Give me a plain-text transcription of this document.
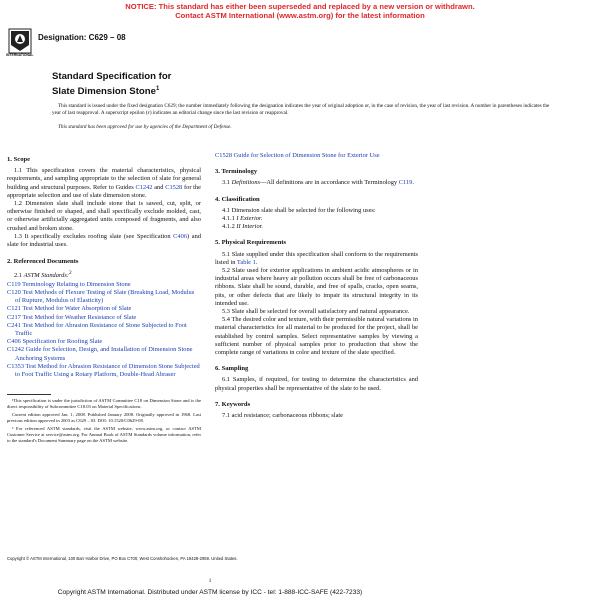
NOTICE: This standard has either been superseded and replaced by a new version or withdrawn.
Contact ASTM International (www.astm.org) for the latest information
INTERNATIONAL
Designation: C629 – 08
Standard Specification for
Slate Dimension Stone$^1$

This standard is issued under the fixed designation C629; the number immediately following the designation indicates the year of original adoption or, in the case of revision, the year of last revision. A number in parentheses indicates the year of last reapproval. A superscript epsilon (ε) indicates an editorial change since the last revision or reapproval.

This standard has been approved for use by agencies of the Department of Defense.

1. Scope

1.1 This specification covers the material characteristics, physical requirements, and sampling appropriate to the selection of slate for general building and structural purposes. Refer to Guides C1242 and C1528 for the appropriate selection and use of slate dimension stone.

1.2 Dimension slate shall include stone that is sawed, cut, split, or otherwise finished or shaped, and shall specifically exclude molded, cast, or otherwise artificially aggregated units composed of fragments, and also crushed and broken stone.

1.3 It specifically excludes roofing slate (see Specification C406) and slate for industrial uses.

2. Referenced Documents

2.1 ASTM Standards:$^2$

C119 Terminology Relating to Dimension Stone
C120 Test Methods of Flexure Testing of Slate (Breaking Load, Modulus of Rupture, Modulus of Elasticity)
C121 Test Method for Water Absorption of Slate
C217 Test Method for Weather Resistance of Slate
C241 Test Method for Abrasion Resistance of Stone Subjected to Foot Traffic
C406 Specification for Roofing Slate
C1242 Guide for Selection, Design, and Installation of Dimension Stone Anchoring Systems
C1353 Test Method for Abrasion Resistance of Dimension Stone Subjected to Foot Traffic Using a Rotary Platform, Double-Head Abraser

¹This specification is under the jurisdiction of ASTM Committee C18 on Dimension Stone and is the direct responsibility of Subcommittee C18.03 on Material Specifications.

Current edition approved Jan. 1, 2008. Published January 2008. Originally approved in 1968. Last previous edition approved in 2003 as C629 – 03. DOI: 10.1520/C0629-08.

² For referenced ASTM standards, visit the ASTM website, www.astm.org, or contact ASTM Customer Service at service@astm.org. For Annual Book of ASTM Standards volume information, refer to the standard's Document Summary page on the ASTM website.

C1528 Guide for Selection of Dimension Stone for Exterior Use
3. Terminology

3.1 Definitions—All definitions are in accordance with Terminology C119.

4. Classification

4.1 Dimension slate shall be selected for the following uses:

4.1.1 I Exterior.

4.1.2 II Interior.

5. Physical Requirements

5.1 Slate supplied under this specification shall conform to the requirements listed in Table 1.

5.2 Slate used for exterior applications in ambient acidic atmospheres or in industrial areas where heavy air pollution occurs shall be free of carbonaceous ribbons. Slate shall be sound, durable, and free of spalls, cracks, open seams, pits, or other defects that are likely to impair its structural integrity in its intended use.

5.3 Slate shall be selected for overall satisfactory and natural appearance.

5.4 The desired color and texture, with their permissible natural variations in material characteristics for all material to be produced for the project, shall be established by control samples. Select representative samples by viewing a sufficient number of physical samples prior to production that show the complete range of variations in color and texture of the slate specified.

6. Sampling

6.1 Samples, if required, for testing to determine the characteristics and physical properties shall be representative of the slate to be used.

7. Keywords

7.1 acid resistance; carbonaceous ribbons; slate

Copyright © ASTM International, 100 Barr Harbor Drive, PO Box C700, West Conshohocken, PA 19428-2959. United States.
1
Copyright ASTM International. Distributed under ASTM license by ICC - tel: 1-888-ICC-SAFE (422-7233)
